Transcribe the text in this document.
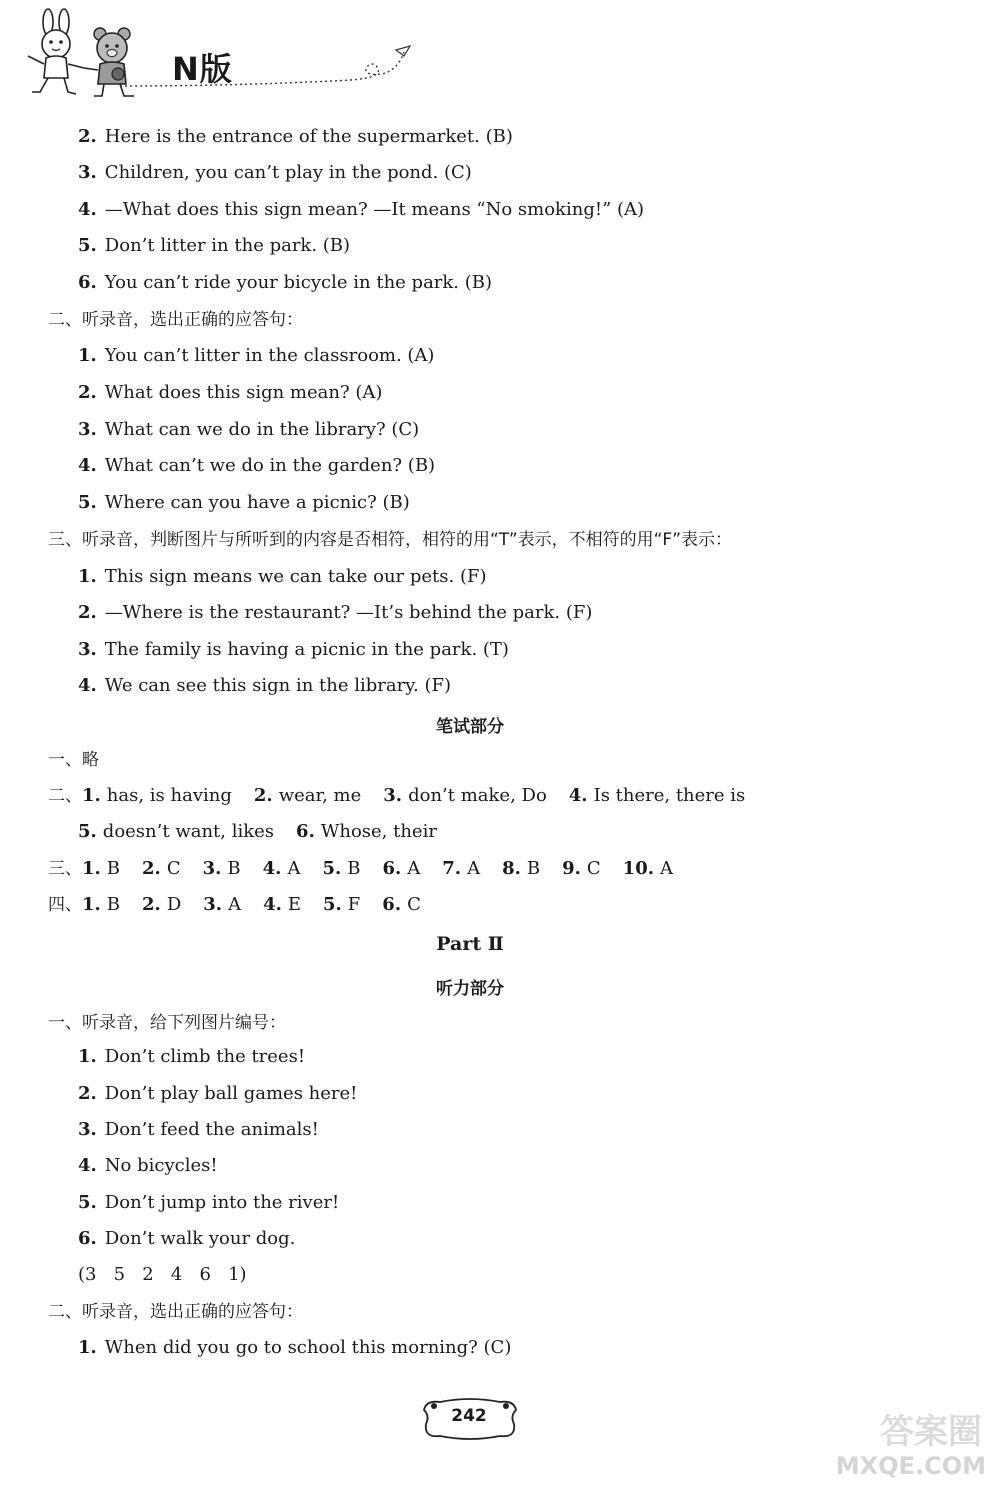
N版
2. Here is the entrance of the supermarket. (B)
3. Children, you can’t play in the pond. (C)
4. —What does this sign mean? —It means “No smoking!” (A)
5. Don’t litter in the park. (B)
6. You can’t ride your bicycle in the park. (B)
二、听录音，选出正确的应答句：
1. You can’t litter in the classroom. (A)
2. What does this sign mean? (A)
3. What can we do in the library? (C)
4. What can’t we do in the garden? (B)
5. Where can you have a picnic? (B)
三、听录音，判断图片与所听到的内容是否相符，相符的用“T”表示，不相符的用“F”表示：
1. This sign means we can take our pets. (F)
2. —Where is the restaurant? —It’s behind the park. (F)
3. The family is having a picnic in the park. (T)
4. We can see this sign in the library. (F)
笔试部分
一、略
二、1. has, is having 2. wear, me 3. don’t make, Do 4. Is there, there is
5. doesn’t want, likes 6. Whose, their
三、1. B 2. C 3. B 4. A 5. B 6. A 7. A 8. B 9. C 10. A
四、1. B 2. D 3. A 4. E 5. F 6. C
Part Ⅱ
听力部分
一、听录音，给下列图片编号：
1. Don’t climb the trees!
2. Don’t play ball games here!
3. Don’t feed the animals!
4. No bicycles!
5. Don’t jump into the river!
6. Don’t walk your dog.
(3   5   2   4   6   1)
二、听录音，选出正确的应答句：
1. When did you go to school this morning? (C)
242	答案圈
MXQE.COM
